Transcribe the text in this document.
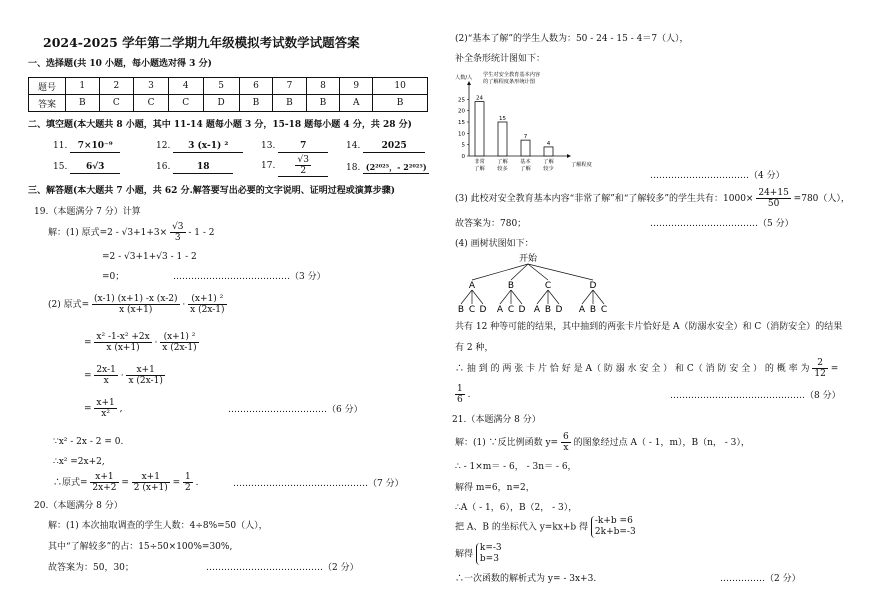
2024-2025 学年第二学期九年级模拟考试数学试题答案
一、选择题(共 10 小题，每小题选对得 3 分)
题号	1	2	3	4	5	6	7	8	9	10
答案	B	C	C	C	D	B	B	B	A	B
二、填空题(本大题共 8 小题，其中 11-14 题每小题 3 分，15-18 题每小题 4 分，共 28 分)
11. 7×10⁻⁹	12. 3 (x-1) ²	13.	7	14. 2025
15. 6√3	16.	18	17. $\frac{√3}{2}$	18. (2²⁰²⁵，- 2²⁰²⁵)
三、解答题(本大题共 7 小题，共 62 分.解答要写出必要的文字说明、证明过程或演算步骤)
19.（本题满分 7 分）计算
解：(1) 原式$=2 - √3+1+3\times \frac{√3}{3} - 1 - 2$
=2 - √3+1+√3 - 1 - 2
=0；	…………………………………（3 分）
(2) 原式= $\frac{(x-1) (x+1) -x (x-2)}{x (x+1)} \cdot \frac{\text{(x+1) ²}}{x (2x-1)}$
= $\frac{\text{x² -1-x² +2x}}{x (x+1)} \cdot \frac{\text{(x+1) ²}}{x (2x-1)}$
= $\frac{2x-1}{x} \cdot \frac{x+1}{x (2x-1)}$
= $\frac{x+1}{\text{x²}}$ ,	……………………………（6 分）
∵x² - 2x - 2 = 0.
∴x² =2x+2,
∴原式= $\frac{x+1}{2x+2} = \frac{x+1}{2 (x+1)} = \frac{1}{2}$ .	………………………………………（7 分）
20.（本题满分 8 分）
解：(1) 本次抽取调查的学生人数：4÷8%=50（人），
其中“了解较多”的占：15÷50×100%=30%,
故答案为：50，30；	…………………………………（2 分）
(2)“基本了解”的学生人数为：50 - 24 - 15 - 4＝7（人），
补全条形统计图如下：
学生对安全教育基本内容
的了解程度条形统计图
人数/人
了解程度
0
5
10
15
20
25 24
非常
了解
15
了解
较多
7
基本
了解
4
了解
较少
……………………………（4 分）
(3) 此校对安全教育基本内容“非常了解”和“了解较多”的学生共有：$1000\times \frac{24+15}{50} =780$（人），
故答案为：780；	………………………………（5 分）
(4) 画树状图如下：
开始
A
B C D
B
A C D
C
A B D
D
A B C
共有 12 种等可能的结果，其中抽到的两张卡片恰好是 A（防溺水安全）和 C（消防安全）的结果
有 2 种，
∴ 抽 到 的 两 张 卡 片 恰 好 是 A（ 防 溺 水 安 全 ） 和 C（ 消 防 安 全 ） 的 概 率 为 $\frac{2}{12}$ =
$\frac{1}{6}$ .	………………………………………（8 分）
21.（本题满分 8 分）
解：(1) ∵反比例函数 $y= \frac{6}{x}$ 的图象经过点 A（ - 1，m），B（n， - 3），
∴ - 1×m＝ - 6， - 3n＝ - 6，
解得 m=6，n=2，
∴A（ - 1，6），B（2， - 3），
把 A、B 的坐标代入 y=kx+b 得
-k+b =6
2k+b=-3
解得
k=-3
b=3
∴一次函数的解析式为 y= - 3x+3.	……………（2 分）
